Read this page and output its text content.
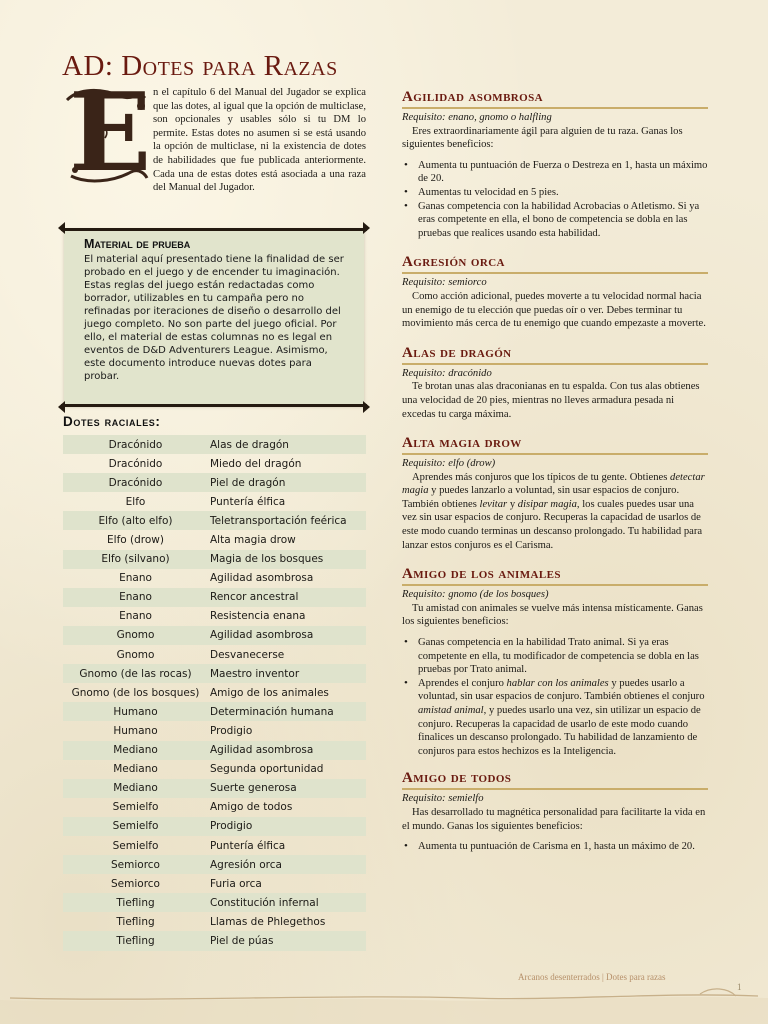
AD: Dotes para Razas
E n el capítulo 6 del Manual del Jugador se explica que las dotes, al igual que la opción de multiclase, son opcionales y usables sólo si tu DM lo permite. Estas dotes no asumen si se está usando la opción de multiclase, ni la existencia de dotes de habilidades que fue publicada anteriormente. Cada una de estas dotes está asociada a una raza del Manual del Jugador.
Material de prueba
El material aquí presentado tiene la finalidad de ser probado en el juego y de encender tu imaginación. Estas reglas del juego están redactadas como borrador, utilizables en tu campaña pero no refinadas por iteraciones de diseño o desarrollo del juego completo. No son parte del juego oficial. Por ello, el material de estas columnas no es legal en eventos de D&D Adventurers League. Asimismo, este documento introduce nuevas dotes para probar.
Dotes raciales:
Dracónido	Alas de dragón
Dracónido	Miedo del dragón
Dracónido	Piel de dragón
Elfo	Puntería élfica
Elfo (alto elfo)	Teletransportación feérica
Elfo (drow)	Alta magia drow
Elfo (silvano)	Magia de los bosques
Enano	Agilidad asombrosa
Enano	Rencor ancestral
Enano	Resistencia enana
Gnomo	Agilidad asombrosa
Gnomo	Desvanecerse
Gnomo (de las rocas)	Maestro inventor
Gnomo (de los bosques)	Amigo de los animales
Humano	Determinación humana
Humano	Prodigio
Mediano	Agilidad asombrosa
Mediano	Segunda oportunidad
Mediano	Suerte generosa
Semielfo	Amigo de todos
Semielfo	Prodigio
Semielfo	Puntería élfica
Semiorco	Agresión orca
Semiorco	Furia orca
Tiefling	Constitución infernal
Tiefling	Llamas de Phlegethos
Tiefling	Piel de púas
Agilidad asombrosa
Requisito: enano, gnomo o halfling
Eres extraordinariamente ágil para alguien de tu raza. Ganas los siguientes beneficios:
• Aumenta tu puntuación de Fuerza o Destreza en 1, hasta un máximo de 20.
• Aumentas tu velocidad en 5 pies.
• Ganas competencia con la habilidad Acrobacias o Atletismo. Si ya eras competente en ella, el bono de competencia se dobla en las pruebas que realices usando esta habilidad.
Agresión orca
Requisito: semiorco
Como acción adicional, puedes moverte a tu velocidad normal hacia un enemigo de tu elección que puedas oír o ver. Debes terminar tu movimiento más cerca de tu enemigo que cuando empezaste a moverte.
Alas de dragón
Requisito: dracónido
Te brotan unas alas draconianas en tu espalda. Con tus alas obtienes una velocidad de 20 pies, mientras no lleves armadura pesada ni excedas tu carga máxima.
Alta magia drow
Requisito: elfo (drow)
Aprendes más conjuros que los típicos de tu gente. Obtienes detectar magia y puedes lanzarlo a voluntad, sin usar espacios de conjuro. También obtienes levitar y disipar magia, los cuales puedes usar una vez sin usar espacios de conjuro. Recuperas la capacidad de usarlos de este modo cuando terminas un descanso prolongado. Tu habilidad para lanzar estos conjuros es el Carisma.
Amigo de los animales
Requisito: gnomo (de los bosques)
Tu amistad con animales se vuelve más intensa místicamente. Ganas los siguientes beneficios:
• Ganas competencia en la habilidad Trato animal. Si ya eras competente en ella, tu modificador de competencia se dobla en las pruebas por Trato animal.
• Aprendes el conjuro hablar con los animales y puedes usarlo a voluntad, sin usar espacios de conjuro. También obtienes el conjuro amistad animal, y puedes usarlo una vez, sin utilizar un espacio de conjuro. Recuperas la capacidad de usarlo de este modo cuando finalices un descanso prolongado. Tu habilidad de lanzamiento de conjuros para estos hechizos es la Inteligencia.
Amigo de todos
Requisito: semielfo
Has desarrollado tu magnética personalidad para facilitarte la vida en el mundo. Ganas los siguientes beneficios:
• Aumenta tu puntuación de Carisma en 1, hasta un máximo de 20.
Arcanos desenterrados | Dotes para razas
1
